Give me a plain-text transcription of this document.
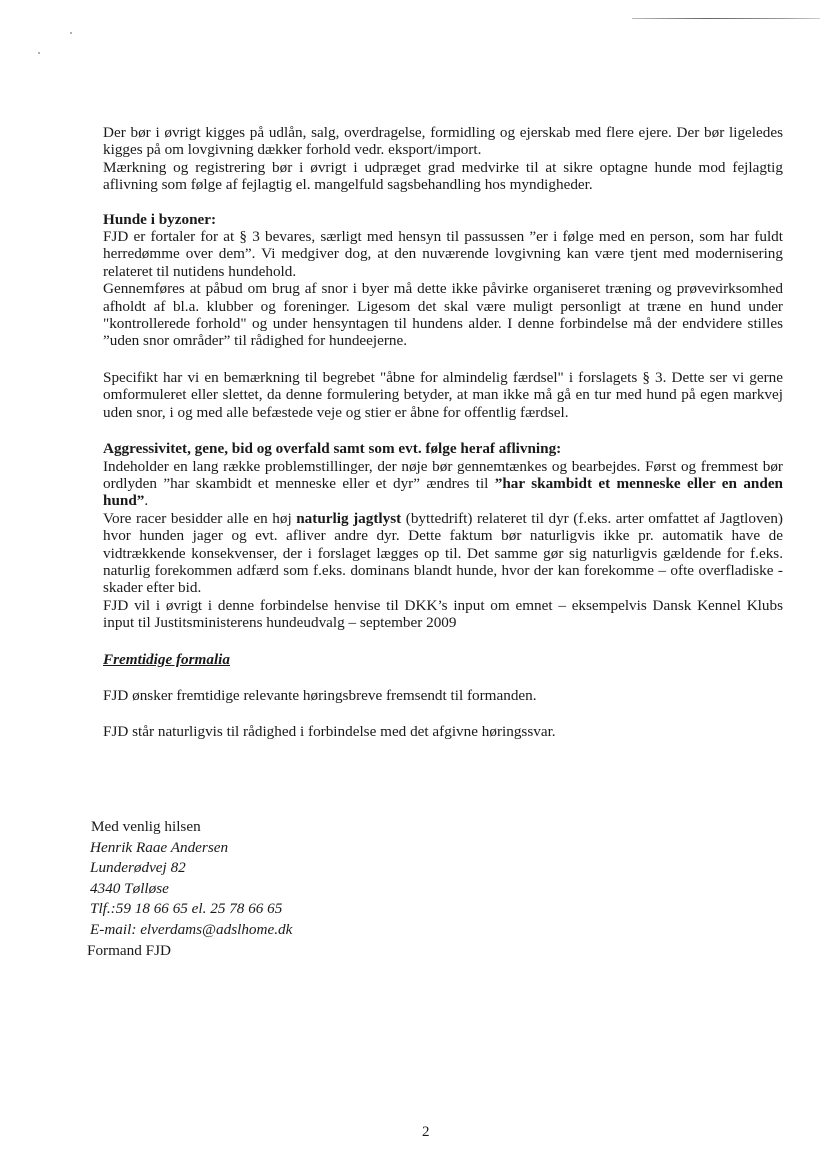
Der bør i øvrigt kigges på udlån, salg, overdragelse, formidling og ejerskab med flere ejere. Der bør ligeledes kigges på om lovgivning dækker forhold vedr. eksport/import.

Mærkning og registrering bør i øvrigt i udpræget grad medvirke til at sikre optagne hunde mod fejlagtig aflivning som følge af fejlagtig el. mangelfuld sagsbehandling hos myndigheder.

Hunde i byzoner:

FJD er fortaler for at § 3 bevares, særligt med hensyn til passussen ”er i følge med en person, som har fuldt herredømme over dem”. Vi medgiver dog, at den nuværende lovgivning kan være tjent med modernisering relateret til nutidens hundehold.

Gennemføres at påbud om brug af snor i byer må dette ikke påvirke organiseret træning og prøvevirksomhed afholdt af bl.a. klubber og foreninger. Ligesom det skal være muligt personligt at træne en hund under "kontrollerede forhold" og under hensyntagen til hundens alder. I denne forbindelse må der endvidere stilles ”uden snor områder” til rådighed for hundeejerne.

Specifikt har vi en bemærkning til begrebet "åbne for almindelig færdsel" i forslagets § 3. Dette ser vi gerne omformuleret eller slettet, da denne formulering betyder, at man ikke må gå en tur med hund på egen markvej uden snor, i og med alle befæstede veje og stier er åbne for offentlig færdsel.

Aggressivitet, gene, bid og overfald samt som evt. følge heraf aflivning:

Indeholder en lang række problemstillinger, der nøje bør gennemtænkes og bearbejdes. Først og fremmest bør ordlyden ”har skambidt et menneske eller et dyr” ændres til ”har skambidt et menneske eller en anden hund”.

Vore racer besidder alle en høj naturlig jagtlyst (byttedrift) relateret til dyr (f.eks. arter omfattet af Jagtloven) hvor hunden jager og evt. afliver andre dyr. Dette faktum bør naturligvis ikke pr. automatik have de vidtrækkende konsekvenser, der i forslaget lægges op til. Det samme gør sig naturligvis gældende for f.eks. naturlig forekommen adfærd som f.eks. dominans blandt hunde, hvor der kan forekomme – ofte overfladiske - skader efter bid.

FJD vil i øvrigt i denne forbindelse henvise til DKK’s input om emnet – eksempelvis Dansk Kennel Klubs input til Justitsministerens hundeudvalg – september 2009

Fremtidige formalia

FJD ønsker fremtidige relevante høringsbreve fremsendt til formanden.

FJD står naturligvis til rådighed i forbindelse med det afgivne høringssvar.

Med venlig hilsen
Henrik Raae Andersen
Lunderødvej 82
4340 Tølløse
Tlf.:59 18 66 65 el. 25 78 66 65
E-mail: elverdams@adslhome.dk
Formand FJD
2
